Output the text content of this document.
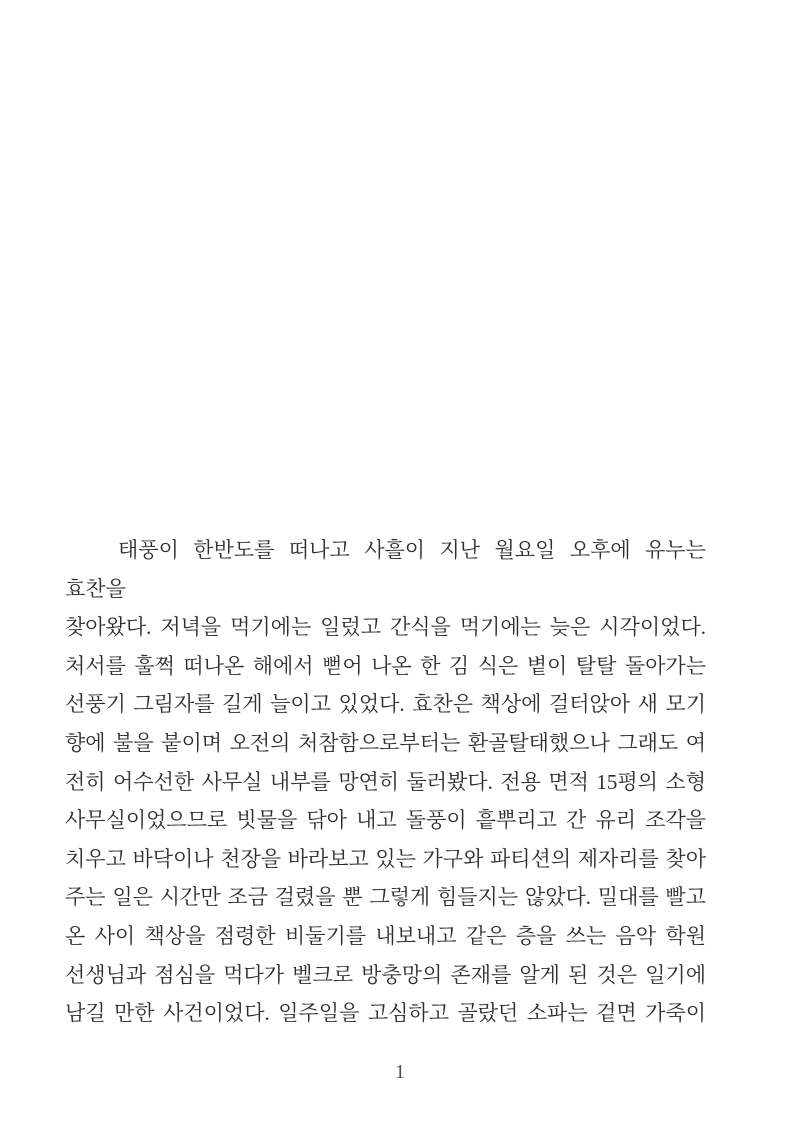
태풍이 한반도를 떠나고 사흘이 지난 월요일 오후에 유누는 효찬을
찾아왔다. 저녁을 먹기에는 일렀고 간식을 먹기에는 늦은 시각이었다.
처서를 훌쩍 떠나온 해에서 뻗어 나온 한 김 식은 볕이 탈탈 돌아가는
선풍기 그림자를 길게 늘이고 있었다. 효찬은 책상에 걸터앉아 새 모기
향에 불을 붙이며 오전의 처참함으로부터는 환골탈태했으나 그래도 여
전히 어수선한 사무실 내부를 망연히 둘러봤다. 전용 면적 15평의 소형
사무실이었으므로 빗물을 닦아 내고 돌풍이 흩뿌리고 간 유리 조각을
치우고 바닥이나 천장을 바라보고 있는 가구와 파티션의 제자리를 찾아
주는 일은 시간만 조금 걸렸을 뿐 그렇게 힘들지는 않았다. 밀대를 빨고
온 사이 책상을 점령한 비둘기를 내보내고 같은 층을 쓰는 음악 학원
선생님과 점심을 먹다가 벨크로 방충망의 존재를 알게 된 것은 일기에
남길 만한 사건이었다. 일주일을 고심하고 골랐던 소파는 겉면 가죽이
1
